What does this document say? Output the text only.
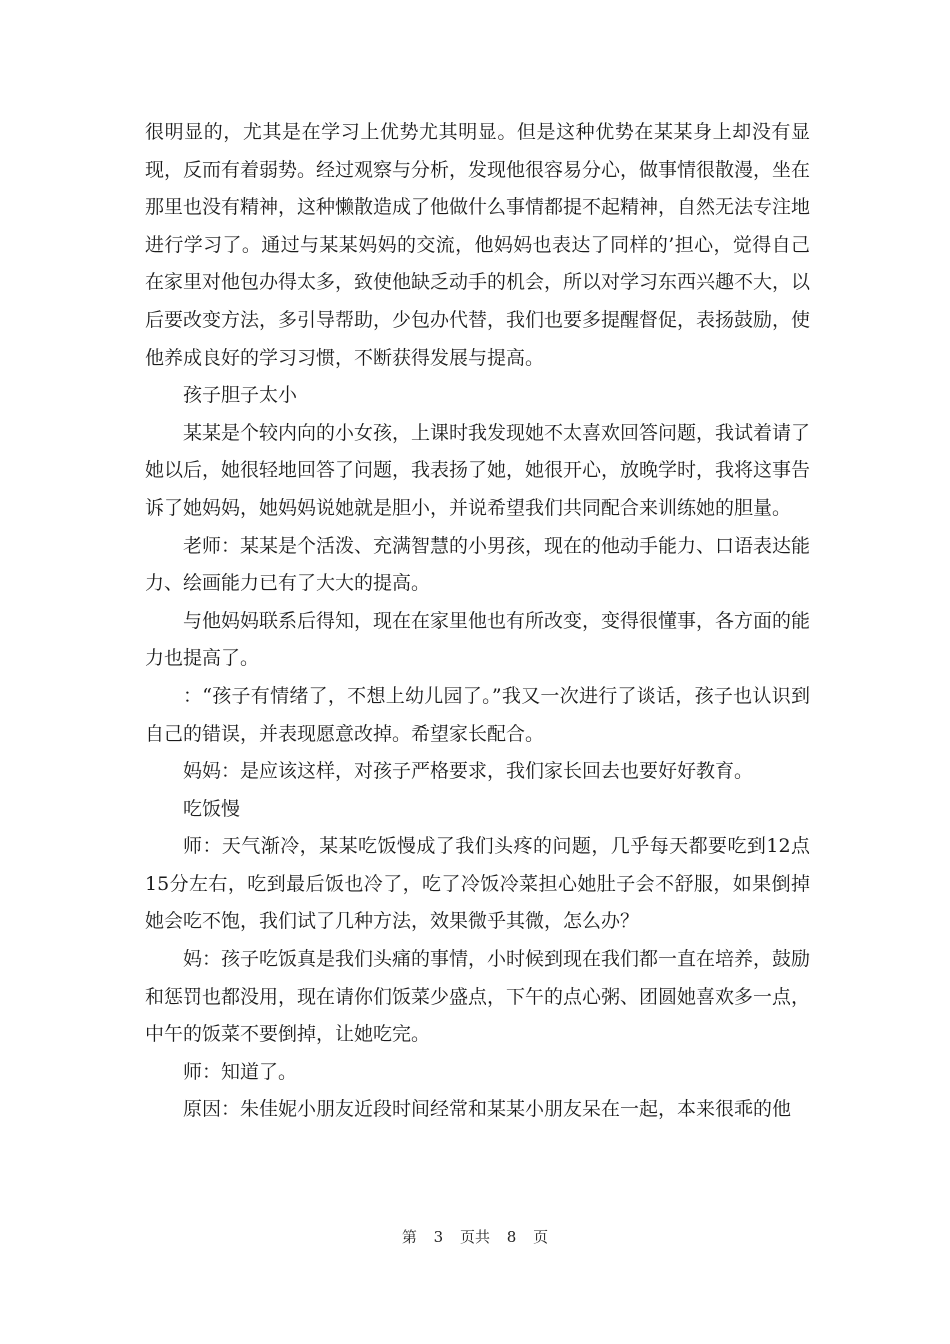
很明显的，尤其是在学习上优势尤其明显。但是这种优势在某某身上却没有显现，反而有着弱势。经过观察与分析，发现他很容易分心，做事情很散漫，坐在那里也没有精神，这种懒散造成了他做什么事情都提不起精神，自然无法专注地进行学习了。通过与某某妈妈的交流，他妈妈也表达了同样的’担心，觉得自己在家里对他包办得太多，致使他缺乏动手的机会，所以对学习东西兴趣不大，以后要改变方法，多引导帮助，少包办代替，我们也要多提醒督促，表扬鼓励，使他养成良好的学习习惯，不断获得发展与提高。

孩子胆子太小

某某是个较内向的小女孩，上课时我发现她不太喜欢回答问题，我试着请了她以后，她很轻地回答了问题，我表扬了她，她很开心，放晚学时，我将这事告诉了她妈妈，她妈妈说她就是胆小，并说希望我们共同配合来训练她的胆量。

老师：某某是个活泼、充满智慧的小男孩，现在的他动手能力、口语表达能力、绘画能力已有了大大的提高。

与他妈妈联系后得知，现在在家里他也有所改变，变得很懂事，各方面的能力也提高了。

：“孩子有情绪了，不想上幼儿园了。”我又一次进行了谈话，孩子也认识到自己的错误，并表现愿意改掉。希望家长配合。

妈妈：是应该这样，对孩子严格要求，我们家长回去也要好好教育。

吃饭慢

师：天气渐冷，某某吃饭慢成了我们头疼的问题，几乎每天都要吃到12点15分左右，吃到最后饭也冷了，吃了冷饭冷菜担心她肚子会不舒服，如果倒掉她会吃不饱，我们试了几种方法，效果微乎其微，怎么办？

妈：孩子吃饭真是我们头痛的事情，小时候到现在我们都一直在培养，鼓励和惩罚也都没用，现在请你们饭菜少盛点，下午的点心粥、团圆她喜欢多一点，中午的饭菜不要倒掉，让她吃完。

师：知道了。

原因：朱佳妮小朋友近段时间经常和某某小朋友呆在一起，本来很乖的他

第 3 页共 8 页
